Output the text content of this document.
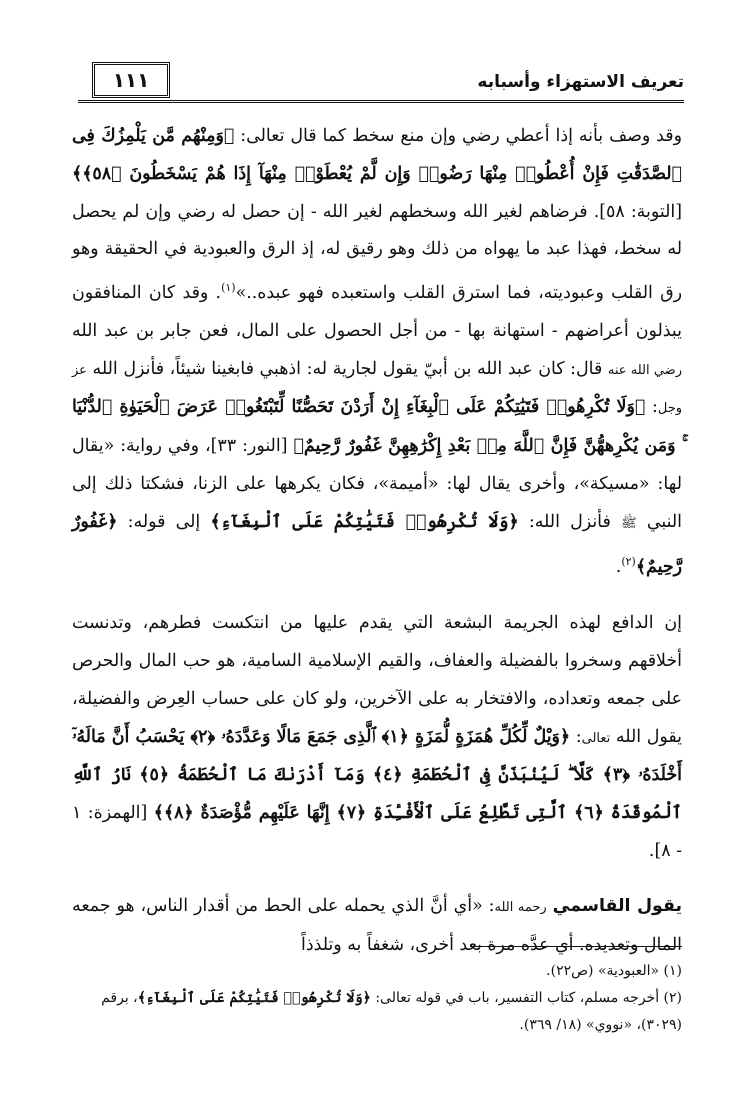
تعريف الاستهزاء وأسبابه
١١١

وقد وصف بأنه إذا أعطي رضي وإن منع سخط كما قال تعالى: ﴿وَمِنْهُم مَّن يَلْمِزُكَ فِى ٱلصَّدَقَٰتِ فَإِنْ أُعْطُوا۟ مِنْهَا رَضُوا۟ وَإِن لَّمْ يُعْطَوْا۟ مِنْهَآ إِذَا هُمْ يَسْخَطُونَ ﴿٥٨﴾﴾ [التوبة: ٥٨]. فرضاهم لغير الله وسخطهم لغير الله - إن حصل له رضي وإن لم يحصل له سخط، فهذا عبد ما يهواه من ذلك وهو رقيق له، إذ الرق والعبودية في الحقيقة وهو رق القلب وعبوديته، فما استرق القلب واستعبده فهو عبده..»$^{(١)}$. وقد كان المنافقون يبذلون أعراضهم - استهانة بها - من أجل الحصول على المال، فعن جابر بن عبد الله رضي الله عنه قال: كان عبد الله بن أبيّ يقول لجارية له: اذهبي فابغينا شيئاً، فأنزل الله عز وجل: ﴿وَلَا تُكْرِهُوا۟ فَتَيَٰتِكُمْ عَلَى ٱلْبِغَآءِ إِنْ أَرَدْنَ تَحَصُّنًا لِّتَبْتَغُوا۟ عَرَضَ ٱلْحَيَوٰةِ ٱلدُّنْيَا ۚ وَمَن يُكْرِههُّنَّ فَإِنَّ ٱللَّهَ مِنۢ بَعْدِ إِكْرَٰهِهِنَّ غَفُورٌ رَّحِيمٌ﴾ [النور: ٣٣]، وفي رواية: «يقال لها: «مسيكة»، وأخرى يقال لها: «أميمة»، فكان يكرهها على الزنا، فشكتا ذلك إلى النبي ﷺ فأنزل الله: ﴿وَلَا تُكْرِهُوا۟ فَتَيَٰتِكُمْ عَلَى ٱلْبِغَآءِ﴾ إلى قوله: ﴿غَفُورٌ رَّحِيمٌ﴾$^{(٢)}$.

إن الدافع لهذه الجريمة البشعة التي يقدم عليها من انتكست فطرهم، وتدنست أخلاقهم وسخروا بالفضيلة والعفاف، والقيم الإسلامية السامية، هو حب المال والحرص على جمعه وتعداده، والافتخار به على الآخرين، ولو كان على حساب العِرض والفضيلة، يقول الله تعالى: ﴿وَيْلٌ لِّكُلِّ هُمَزَةٍ لُّمَزَةٍ ﴿١﴾ ٱلَّذِى جَمَعَ مَالًا وَعَدَّدَهُۥ ﴿٢﴾ يَحْسَبُ أَنَّ مَالَهُۥٓ أَخْلَدَهُۥ ﴿٣﴾ كَلَّا ۖ لَيُنۢبَذَنَّ فِى ٱلْحُطَمَةِ ﴿٤﴾ وَمَآ أَدْرَىٰكَ مَا ٱلْحُطَمَةُ ﴿٥﴾ نَارُ ٱللَّهِ ٱلْمُوقَدَةُ ﴿٦﴾ ٱلَّتِى تَطَّلِعُ عَلَى ٱلْأَفْـِٔدَةِ ﴿٧﴾ إِنَّهَا عَلَيْهِم مُّؤْصَدَةٌ ﴿٨﴾﴾ [الهمزة: ١ - ٨].

يقول القاسمي رحمه الله: «أي أنَّ الذي يحمله على الحط من أقدار الناس، هو جمعه المال وتعديده. أي عدَّه مرة بعد أخرى، شغفاً به وتلذذاً

(١) «العبودية» (ص٢٢).

(٢) أخرجه مسلم، كتاب التفسير، باب في قوله تعالى: ﴿وَلَا تُكْرِهُوا۟ فَتَيَٰتِكُمْ عَلَى ٱلْبِغَآءِ﴾، برقم (٣٠٢٩)، «نووي» (١٨/ ٣٦٩).
